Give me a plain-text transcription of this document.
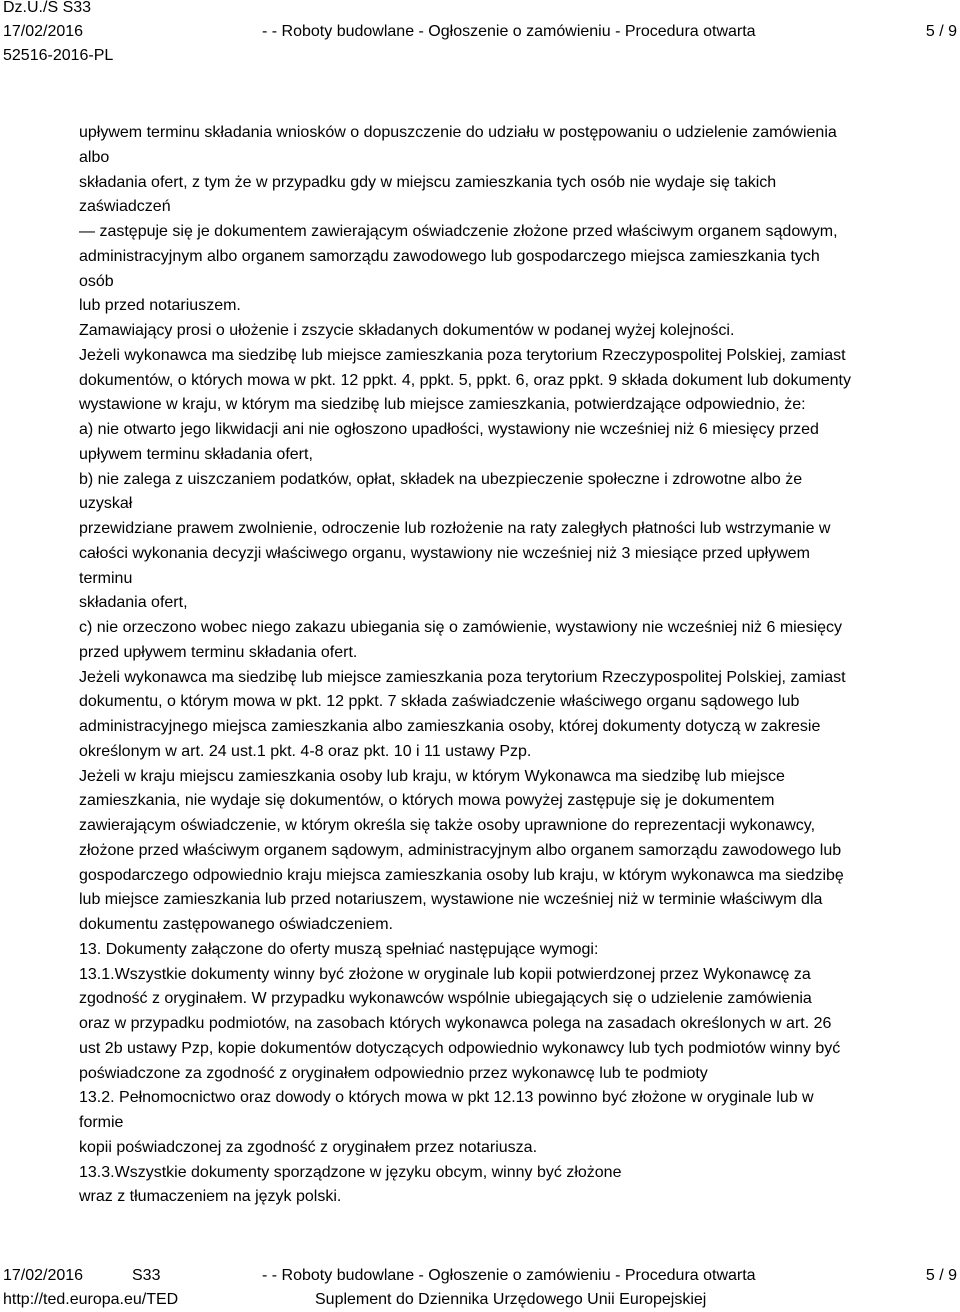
Dz.U./S S33
17/02/2016	- - Roboty budowlane - Ogłoszenie o zamówieniu - Procedura otwarta	5 / 9
52516-2016-PL
upływem terminu składania wniosków o dopuszczenie do udziału w postępowaniu o udzielenie zamówienia
albo
składania ofert, z tym że w przypadku gdy w miejscu zamieszkania tych osób nie wydaje się takich
zaświadczeń
— zastępuje się je dokumentem zawierającym oświadczenie złożone przed właściwym organem sądowym,
administracyjnym albo organem samorządu zawodowego lub gospodarczego miejsca zamieszkania tych
osób
lub przed notariuszem.
Zamawiający prosi o ułożenie i zszycie składanych dokumentów w podanej wyżej kolejności.
Jeżeli wykonawca ma siedzibę lub miejsce zamieszkania poza terytorium Rzeczypospolitej Polskiej, zamiast
dokumentów, o których mowa w pkt. 12 ppkt. 4, ppkt. 5, ppkt. 6, oraz ppkt. 9 składa dokument lub dokumenty
wystawione w kraju, w którym ma siedzibę lub miejsce zamieszkania, potwierdzające odpowiednio, że:
a) nie otwarto jego likwidacji ani nie ogłoszono upadłości, wystawiony nie wcześniej niż 6 miesięcy przed
upływem terminu składania ofert,
b) nie zalega z uiszczaniem podatków, opłat, składek na ubezpieczenie społeczne i zdrowotne albo że
uzyskał
przewidziane prawem zwolnienie, odroczenie lub rozłożenie na raty zaległych płatności lub wstrzymanie w
całości wykonania decyzji właściwego organu, wystawiony nie wcześniej niż 3 miesiące przed upływem
terminu
składania ofert,
c) nie orzeczono wobec niego zakazu ubiegania się o zamówienie, wystawiony nie wcześniej niż 6 miesięcy
przed upływem terminu składania ofert.
Jeżeli wykonawca ma siedzibę lub miejsce zamieszkania poza terytorium Rzeczypospolitej Polskiej, zamiast
dokumentu, o którym mowa w pkt. 12 ppkt. 7 składa zaświadczenie właściwego organu sądowego lub
administracyjnego miejsca zamieszkania albo zamieszkania osoby, której dokumenty dotyczą w zakresie
określonym w art. 24 ust.1 pkt. 4-8 oraz pkt. 10 i 11 ustawy Pzp.
Jeżeli w kraju miejscu zamieszkania osoby lub kraju, w którym Wykonawca ma siedzibę lub miejsce
zamieszkania, nie wydaje się dokumentów, o których mowa powyżej zastępuje się je dokumentem
zawierającym oświadczenie, w którym określa się także osoby uprawnione do reprezentacji wykonawcy,
złożone przed właściwym organem sądowym, administracyjnym albo organem samorządu zawodowego lub
gospodarczego odpowiednio kraju miejsca zamieszkania osoby lub kraju, w którym wykonawca ma siedzibę
lub miejsce zamieszkania lub przed notariuszem, wystawione nie wcześniej niż w terminie właściwym dla
dokumentu zastępowanego oświadczeniem.
13. Dokumenty załączone do oferty muszą spełniać następujące wymogi:
13.1.Wszystkie dokumenty winny być złożone w oryginale lub kopii potwierdzonej przez Wykonawcę za
zgodność z oryginałem. W przypadku wykonawców wspólnie ubiegających się o udzielenie zamówienia
oraz w przypadku podmiotów, na zasobach których wykonawca polega na zasadach określonych w art. 26
ust 2b ustawy Pzp, kopie dokumentów dotyczących odpowiednio wykonawcy lub tych podmiotów winny być
poświadczone za zgodność z oryginałem odpowiednio przez wykonawcę lub te podmioty
13.2. Pełnomocnictwo oraz dowody o których mowa w pkt 12.13 powinno być złożone w oryginale lub w
formie
kopii poświadczonej za zgodność z oryginałem przez notariusza.
13.3.Wszystkie dokumenty sporządzone w języku obcym, winny być złożone
wraz z tłumaczeniem na język polski.
17/02/2016	S33	- - Roboty budowlane - Ogłoszenie o zamówieniu - Procedura otwarta	5 / 9
http://ted.europa.eu/TED	Suplement do Dziennika Urzędowego Unii Europejskiej
